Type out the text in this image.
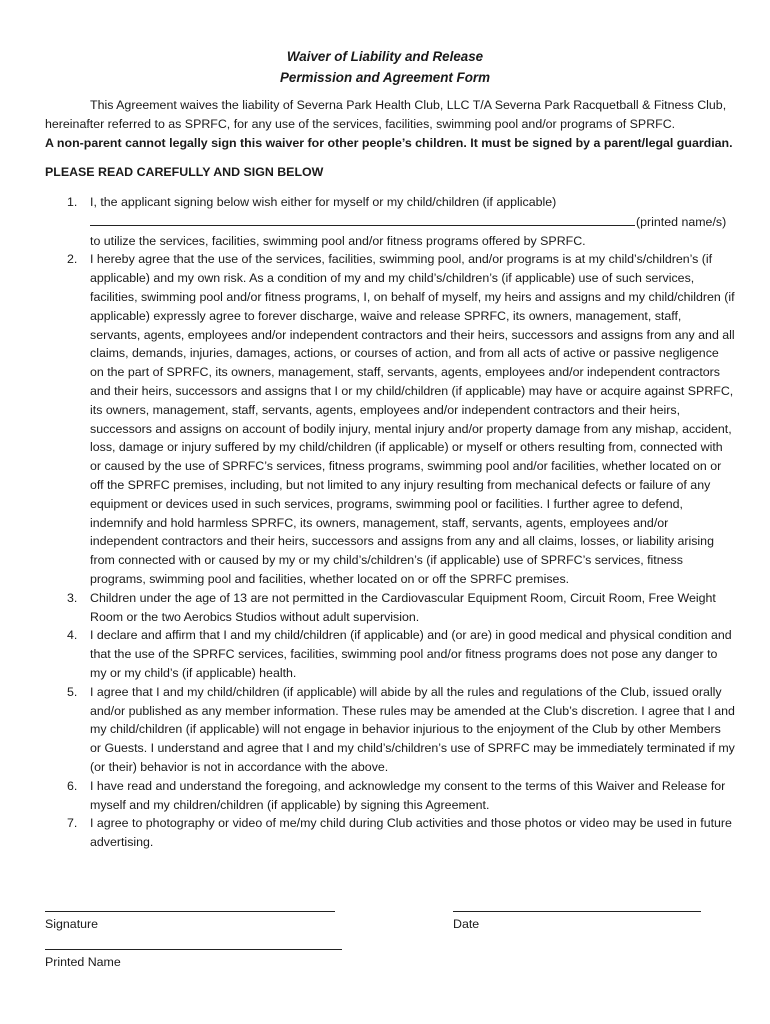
Waiver of Liability and Release
Permission and Agreement Form

This Agreement waives the liability of Severna Park Health Club, LLC T/A Severna Park Racquetball & Fitness Club, hereinafter referred to as SPRFC, for any use of the services, facilities, swimming pool and/or programs of SPRFC.

A non-parent cannot legally sign this waiver for other people’s children. It must be signed by a parent/legal guardian.

PLEASE READ CAREFULLY AND SIGN BELOW
1. I, the applicant signing below wish either for myself or my child/children (if applicable)
(printed name/s) to utilize the services, facilities, swimming pool and/or fitness programs offered by SPRFC.
2. I hereby agree that the use of the services, facilities, swimming pool, and/or programs is at my child’s/children’s (if applicable) and my own risk. As a condition of my and my child’s/children’s (if applicable) use of such services, facilities, swimming pool and/or fitness programs, I, on behalf of myself, my heirs and assigns and my child/children (if applicable) expressly agree to forever discharge, waive and release SPRFC, its owners, management, staff, servants, agents, employees and/or independent contractors and their heirs, successors and assigns from any and all claims, demands, injuries, damages, actions, or courses of action, and from all acts of active or passive negligence on the part of SPRFC, its owners, management, staff, servants, agents, employees and/or independent contractors and their heirs, successors and assigns that I or my child/children (if applicable) may have or acquire against SPRFC, its owners, management, staff, servants, agents, employees and/or independent contractors and their heirs, successors and assigns on account of bodily injury, mental injury and/or property damage from any mishap, accident, loss, damage or injury suffered by my child/children (if applicable) or myself or others resulting from, connected with or caused by the use of SPRFC’s services, fitness programs, swimming pool and/or facilities, whether located on or off the SPRFC premises, including, but not limited to any injury resulting from mechanical defects or failure of any equipment or devices used in such services, programs, swimming pool or facilities. I further agree to defend, indemnify and hold harmless SPRFC, its owners, management, staff, servants, agents, employees and/or independent contractors and their heirs, successors and assigns from any and all claims, losses, or liability arising from connected with or caused by my or my child’s/children’s (if applicable) use of SPRFC’s services, fitness programs, swimming pool and facilities, whether located on or off the SPRFC premises.
3. Children under the age of 13 are not permitted in the Cardiovascular Equipment Room, Circuit Room, Free Weight Room or the two Aerobics Studios without adult supervision.
4. I declare and affirm that I and my child/children (if applicable) and (or are) in good medical and physical condition and that the use of the SPRFC services, facilities, swimming pool and/or fitness programs does not pose any danger to my or my child’s (if applicable) health.
5. I agree that I and my child/children (if applicable) will abide by all the rules and regulations of the Club, issued orally and/or published as any member information. These rules may be amended at the Club’s discretion. I agree that I and my child/children (if applicable) will not engage in behavior injurious to the enjoyment of the Club by other Members or Guests. I understand and agree that I and my child’s/children’s use of SPRFC may be immediately terminated if my (or their) behavior is not in accordance with the above.
6. I have read and understand the foregoing, and acknowledge my consent to the terms of this Waiver and Release for myself and my children/children (if applicable) by signing this Agreement.
7. I agree to photography or video of me/my child during Club activities and those photos or video may be used in future advertising.
Signature	Date
Printed Name
